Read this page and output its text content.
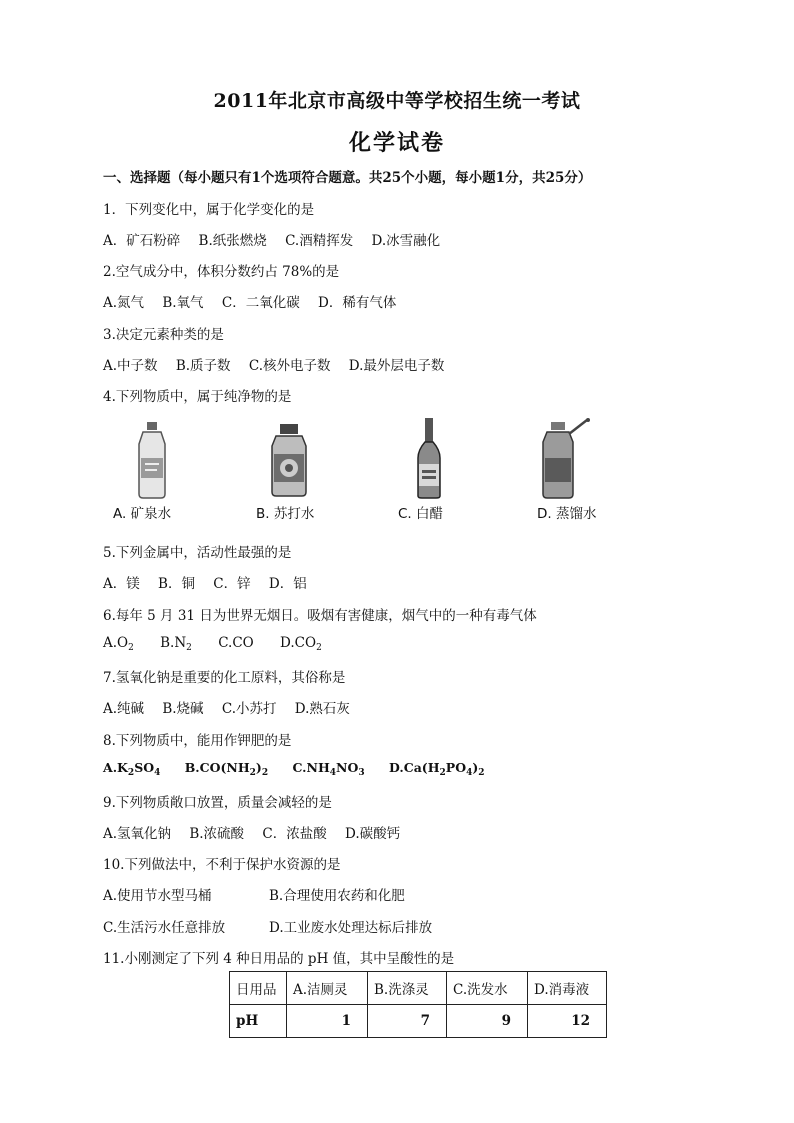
2011年北京市高级中等学校招生统一考试
化学试卷
一、选择题（每小题只有1个选项符合题意。共25个小题，每小题1分，共25分）
1．下列变化中，属于化学变化的是
A．矿石粉碎 B.纸张燃烧 C.酒精挥发 D.冰雪融化
2.空气成分中，体积分数约占 78%的是
A.氮气 B.氧气 C．二氧化碳 D．稀有气体
3.决定元素种类的是
A.中子数 B.质子数 C.核外电子数 D.最外层电子数
4.下列物质中，属于纯净物的是
A. 矿泉水	B. 苏打水	C. 白醋	D. 蒸馏水
5.下列金属中，活动性最强的是
A．镁 B．铜 C．锌 D．铝
6.每年 5 月 31 日为世界无烟日。吸烟有害健康，烟气中的一种有毒气体
$A.O_2$ $B.N_2$ C.CO $D.CO_2$
7.氢氧化钠是重要的化工原料，其俗称是
A.纯碱 B.烧碱 C.小苏打 D.熟石灰
8.下列物质中，能用作钾肥的是
$A.K_2SO_4$ $B.CO(NH_2)_2$ $C.NH_4NO_3$ $D.Ca(H_2PO_4)_2$
9.下列物质敞口放置，质量会减轻的是
A.氢氧化钠 B.浓硫酸 C．浓盐酸 D.碳酸钙
10.下列做法中，不利于保护水资源的是
A.使用节水型马桶	B.合理使用农药和化肥
C.生活污水任意排放	D.工业废水处理达标后排放
11.小刚测定了下列 4 种日用品的 pH 值，其中呈酸性的是
日用品	A.洁厕灵	B.洗涤灵	C.洗发水	D.消毒液
pH	1	7	9	12
